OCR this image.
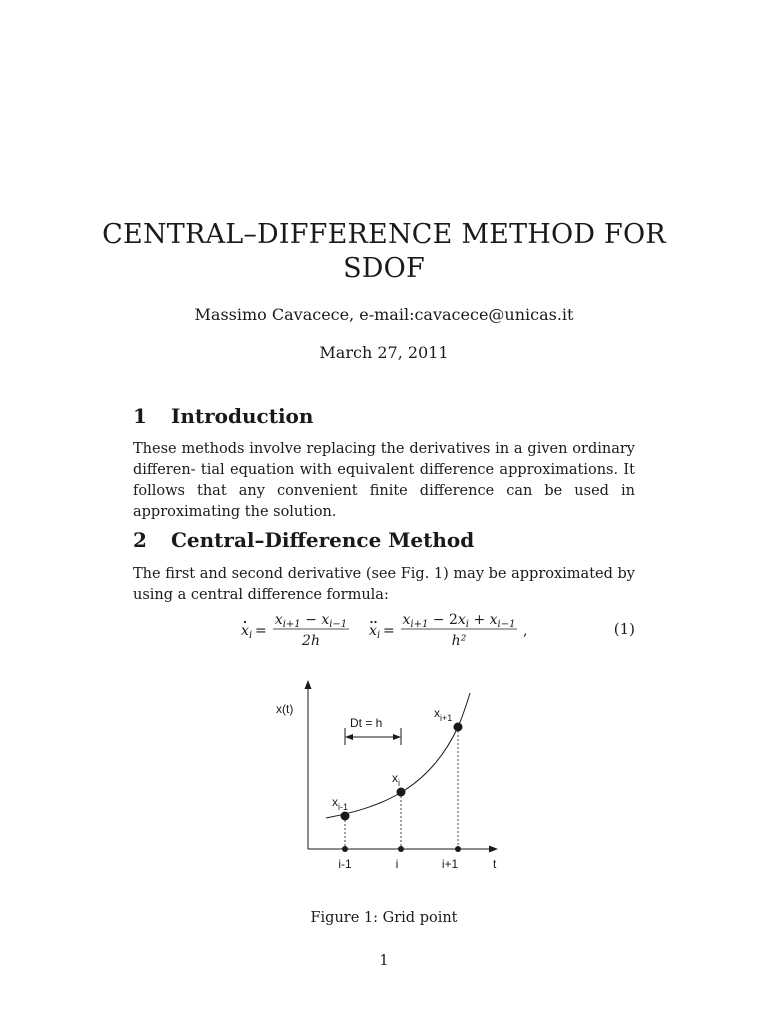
CENTRAL–DIFFERENCE METHOD FOR
SDOF
Massimo Cavacece, e-mail:cavacece@unicas.it
March 27, 2011
1 Introduction
These methods involve replacing the derivatives in a given ordinary differen- tial equation with equivalent difference approximations. It follows that any convenient finite difference can be used in approximating the solution.
2 Central–Difference Method
The first and second derivative (see Fig. 1) may be approximated by using a central difference formula:
x i =
$x_{i+1} - x_{i-1}$
2h
x i =
$x_{i+1} - 2x_i + x_{i-1}$
h²
,	(1)
x(t)
t
i-1	i	i+1
$x_{i-1}$
$x_i$
$x_{i+1}$
Dt = h
Figure 1: Grid point
1
